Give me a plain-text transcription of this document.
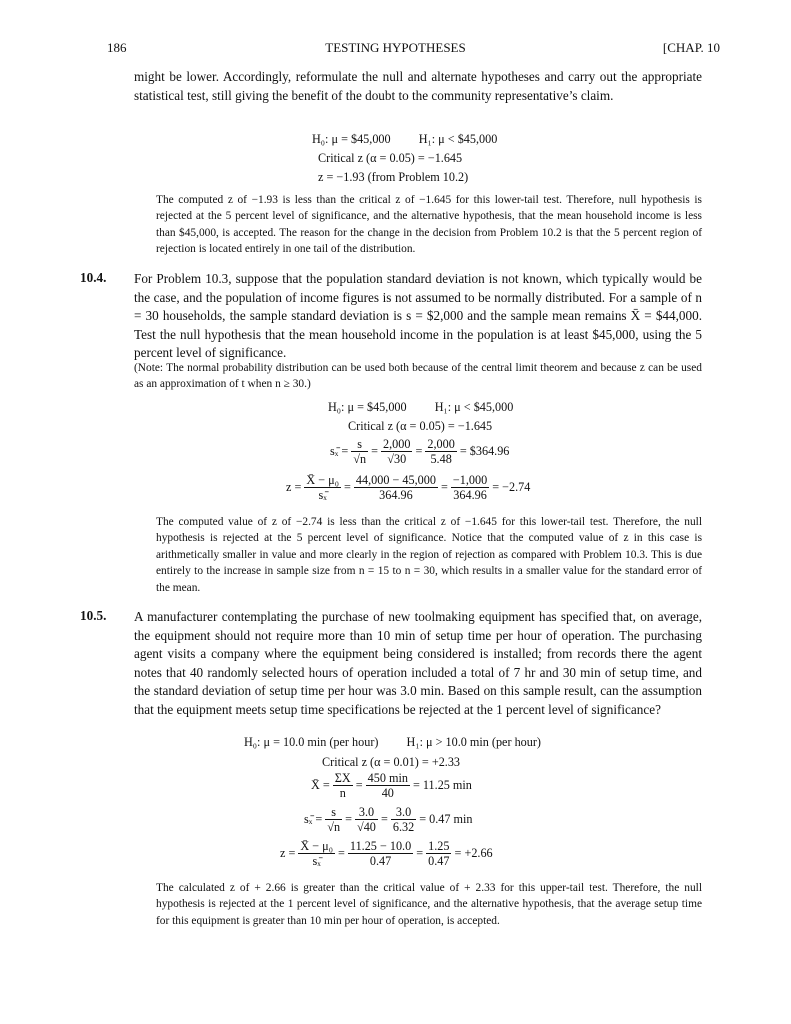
186	TESTING HYPOTHESES	[CHAP. 10
might be lower. Accordingly, reformulate the null and alternate hypotheses and carry out the appropriate statistical test, still giving the benefit of the doubt to the community representative’s claim.
H₀: μ = $45,000 H₁: μ < $45,000
Critical z (α = 0.05) = −1.645
z = −1.93 (from Problem 10.2)
The computed z of −1.93 is less than the critical z of −1.645 for this lower-tail test. Therefore, null hypothesis is rejected at the 5 percent level of significance, and the alternative hypothesis, that the mean household income is less than $45,000, is accepted. The reason for the change in the decision from Problem 10.2 is that the 5 percent region of rejection is located entirely in one tail of the distribution.
10.4. For Problem 10.3, suppose that the population standard deviation is not known, which typically would be the case, and the population of income figures is not assumed to be normally distributed. For a sample of n = 30 households, the sample standard deviation is s = $2,000 and the sample mean remains X̄ = $44,000. Test the null hypothesis that the mean household income in the population is at least $45,000, using the 5 percent level of significance.
(Note: The normal probability distribution can be used both because of the central limit theorem and because z can be used as an approximation of t when n ≥ 30.)
H₀: μ = $45,000 H₁: μ < $45,000
Critical z (α = 0.05) = −1.645
sₓ̄ = $\frac{s}{√n} = \frac{2,000}{√30} = \frac{2,000}{5.48}$ = $364.96
$z = \frac{\text{X̄ − μ₀}}{\text{sₓ̄}} = \frac{44,000 - 45,000}{364.96} = \frac{-1,000}{364.96} = -2.74$
The computed value of z of −2.74 is less than the critical z of −1.645 for this lower-tail test. Therefore, the null hypothesis is rejected at the 5 percent level of significance. Notice that the computed value of z in this case is arithmetically smaller in value and more clearly in the region of rejection as compared with Problem 10.3. This is due entirely to the increase in sample size from n = 15 to n = 30, which results in a smaller value for the standard error of the mean.
10.5. A manufacturer contemplating the purchase of new toolmaking equipment has specified that, on average, the equipment should not require more than 10 min of setup time per hour of operation. The purchasing agent visits a company where the equipment being considered is installed; from records there the agent notes that 40 randomly selected hours of operation included a total of 7 hr and 30 min of setup time, and the standard deviation of setup time per hour was 3.0 min. Based on this sample result, can the assumption that the equipment meets setup time specifications be rejected at the 1 percent level of significance?
H₀: μ = 10.0 min (per hour) H₁: μ > 10.0 min (per hour)
Critical z (α = 0.01) = +2.33
X̄ = $\frac{\Sigma X}{n} = \frac{450 \min}{40} = 11.25$ min
sₓ̄ = $\frac{s}{√n} = \frac{3.0}{√40} = \frac{3.0}{6.32} = 0.47$ min
$z = \frac{\text{X̄ − μ₀}}{\text{sₓ̄}} = \frac{11.25 - 10.0}{0.47} = \frac{1.25}{0.47} = +2.66$
The calculated z of + 2.66 is greater than the critical value of + 2.33 for this upper-tail test. Therefore, the null hypothesis is rejected at the 1 percent level of significance, and the alternative hypothesis, that the average setup time for this equipment is greater than 10 min per hour of operation, is accepted.
